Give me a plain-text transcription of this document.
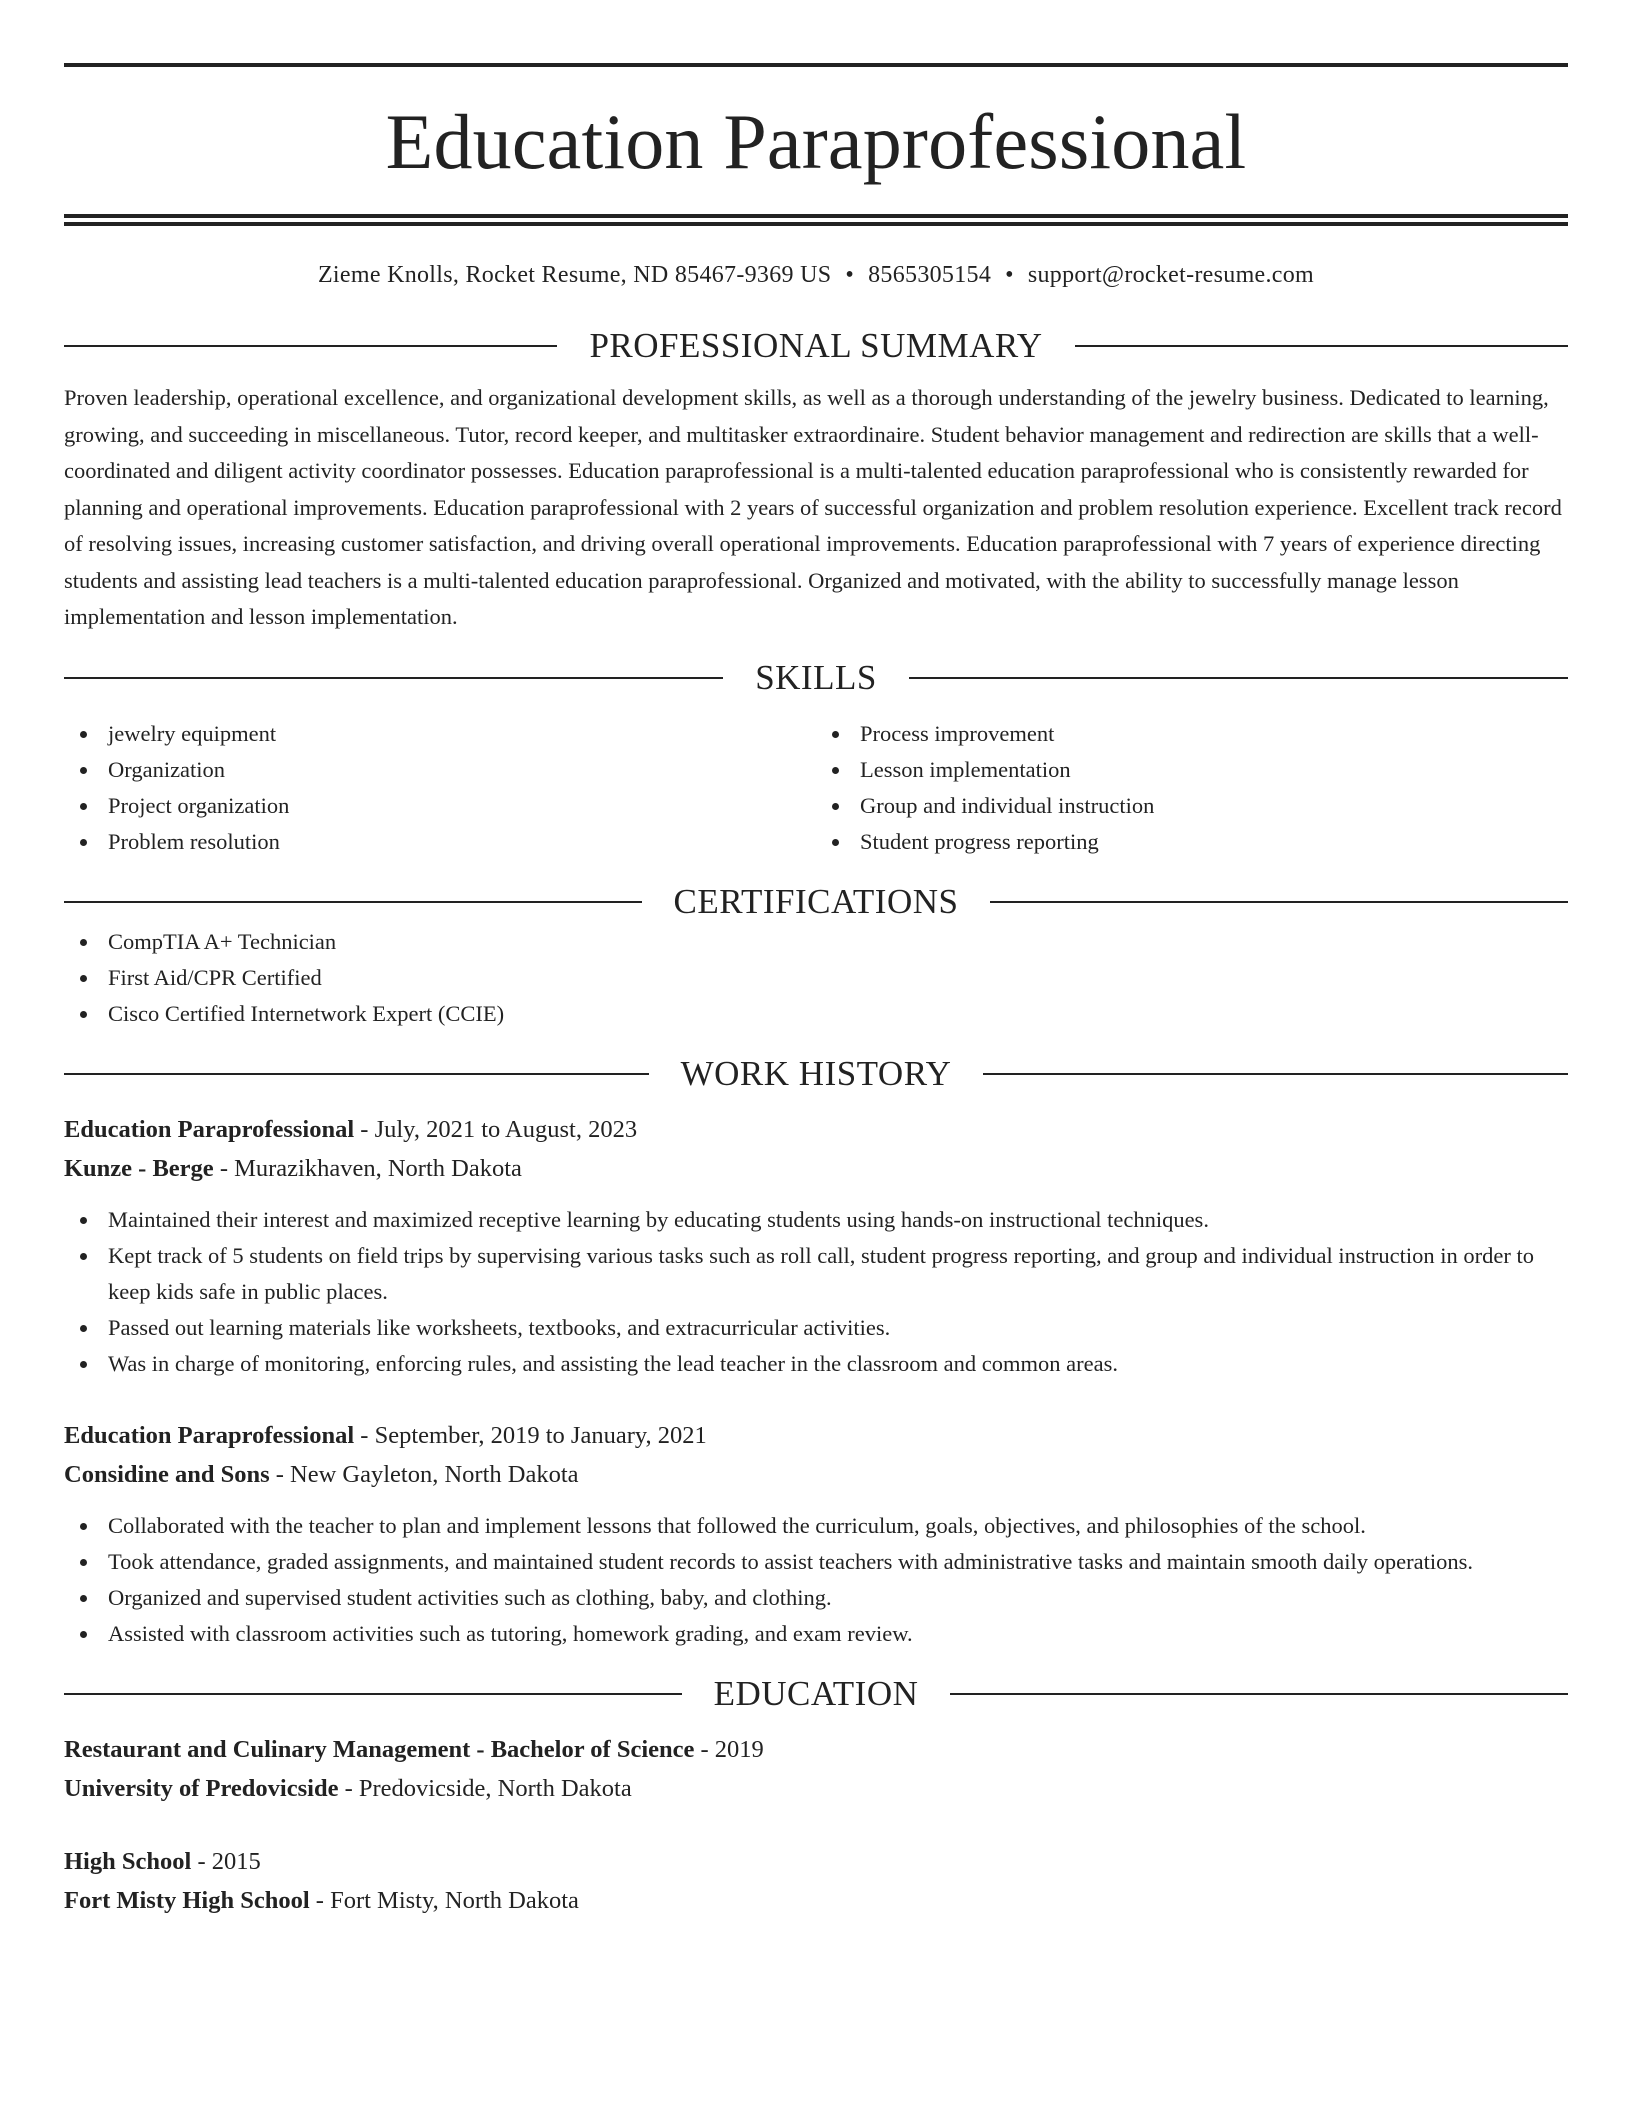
Education Paraprofessional
Zieme Knolls, Rocket Resume, ND 85467-9369 US • 8565305154 • support@rocket-resume.com
PROFESSIONAL SUMMARY

Proven leadership, operational excellence, and organizational development skills, as well as a thorough understanding of the jewelry business. Dedicated to learning, growing, and succeeding in miscellaneous. Tutor, record keeper, and multitasker extraordinaire. Student behavior management and redirection are skills that a well-coordinated and diligent activity coordinator possesses. Education paraprofessional is a multi-talented education paraprofessional who is consistently rewarded for planning and operational improvements. Education paraprofessional with 2 years of successful organization and problem resolution experience. Excellent track record of resolving issues, increasing customer satisfaction, and driving overall operational improvements. Education paraprofessional with 7 years of experience directing students and assisting lead teachers is a multi-talented education paraprofessional. Organized and motivated, with the ability to successfully manage lesson implementation and lesson implementation.

SKILLS
jewelry equipment
Organization
Project organization
Problem resolution
Process improvement
Lesson implementation
Group and individual instruction
Student progress reporting
CERTIFICATIONS
CompTIA A+ Technician
First Aid/CPR Certified
Cisco Certified Internetwork Expert (CCIE)
WORK HISTORY
Education Paraprofessional - July, 2021 to August, 2023
Kunze - Berge - Murazikhaven, North Dakota
Maintained their interest and maximized receptive learning by educating students using hands-on instructional techniques.
Kept track of 5 students on field trips by supervising various tasks such as roll call, student progress reporting, and group and individual instruction in order to keep kids safe in public places.
Passed out learning materials like worksheets, textbooks, and extracurricular activities.
Was in charge of monitoring, enforcing rules, and assisting the lead teacher in the classroom and common areas.
Education Paraprofessional - September, 2019 to January, 2021
Considine and Sons - New Gayleton, North Dakota
Collaborated with the teacher to plan and implement lessons that followed the curriculum, goals, objectives, and philosophies of the school.
Took attendance, graded assignments, and maintained student records to assist teachers with administrative tasks and maintain smooth daily operations.
Organized and supervised student activities such as clothing, baby, and clothing.
Assisted with classroom activities such as tutoring, homework grading, and exam review.
EDUCATION
Restaurant and Culinary Management - Bachelor of Science - 2019
University of Predovicside - Predovicside, North Dakota
High School - 2015
Fort Misty High School - Fort Misty, North Dakota
